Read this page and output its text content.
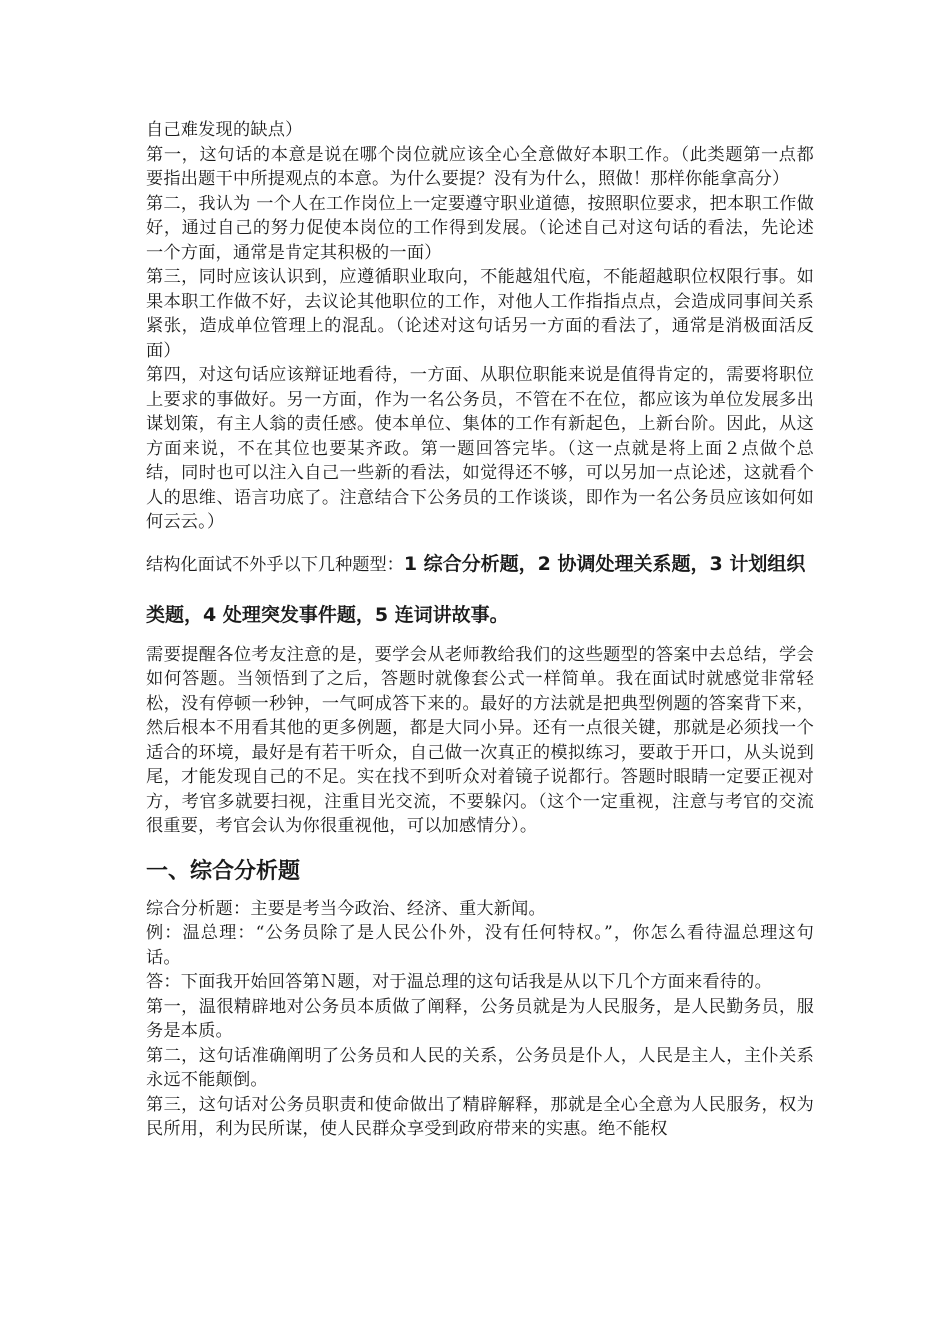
自己难发现的缺点）

第一，这句话的本意是说在哪个岗位就应该全心全意做好本职工作。（此类题第一点都要指出题干中所提观点的本意。为什么要提？没有为什么，照做！那样你能拿高分）

第二，我认为 一个人在工作岗位上一定要遵守职业道德，按照职位要求，把本职工作做好，通过自己的努力促使本岗位的工作得到发展。（论述自己对这句话的看法，先论述一个方面，通常是肯定其积极的一面）

第三，同时应该认识到，应遵循职业取向，不能越俎代庖，不能超越职位权限行事。如果本职工作做不好，去议论其他职位的工作，对他人工作指指点点，会造成同事间关系紧张，造成单位管理上的混乱。（论述对这句话另一方面的看法了，通常是消极面活反面）

第四，对这句话应该辩证地看待，一方面、从职位职能来说是值得肯定的，需要将职位上要求的事做好。另一方面，作为一名公务员，不管在不在位，都应该为单位发展多出谋划策，有主人翁的责任感。使本单位、集体的工作有新起色，上新台阶。因此，从这方面来说，不在其位也要某齐政。第一题回答完毕。（这一点就是将上面２点做个总结，同时也可以注入自己一些新的看法，如觉得还不够，可以另加一点论述，这就看个人的思维、语言功底了。注意结合下公务员的工作谈谈，即作为一名公务员应该如何如何云云。）

结构化面试不外乎以下几种题型：1 综合分析题，2 协调处理关系题，3 计划组织类题，4 处理突发事件题，5 连词讲故事。

需要提醒各位考友注意的是，要学会从老师教给我们的这些题型的答案中去总结，学会如何答题。当领悟到了之后，答题时就像套公式一样简单。我在面试时就感觉非常轻松，没有停顿一秒钟，一气呵成答下来的。最好的方法就是把典型例题的答案背下来，然后根本不用看其他的更多例题，都是大同小异。还有一点很关键，那就是必须找一个适合的环境，最好是有若干听众，自己做一次真正的模拟练习，要敢于开口，从头说到尾，才能发现自己的不足。实在找不到听众对着镜子说都行。答题时眼睛一定要正视对方，考官多就要扫视，注重目光交流，不要躲闪。（这个一定重视，注意与考官的交流很重要，考官会认为你很重视他，可以加感情分）。

一、综合分析题

综合分析题：主要是考当今政治、经济、重大新闻。

例：温总理：“公务员除了是人民公仆外，没有任何特权。”，你怎么看待温总理这句话。

答：下面我开始回答第Ｎ题，对于温总理的这句话我是从以下几个方面来看待的。

第一，温很精辟地对公务员本质做了阐释，公务员就是为人民服务，是人民勤务员，服务是本质。

第二，这句话准确阐明了公务员和人民的关系，公务员是仆人，人民是主人，主仆关系永远不能颠倒。

第三，这句话对公务员职责和使命做出了精辟解释，那就是全心全意为人民服务，权为民所用，利为民所谋，使人民群众享受到政府带来的实惠。绝不能权
